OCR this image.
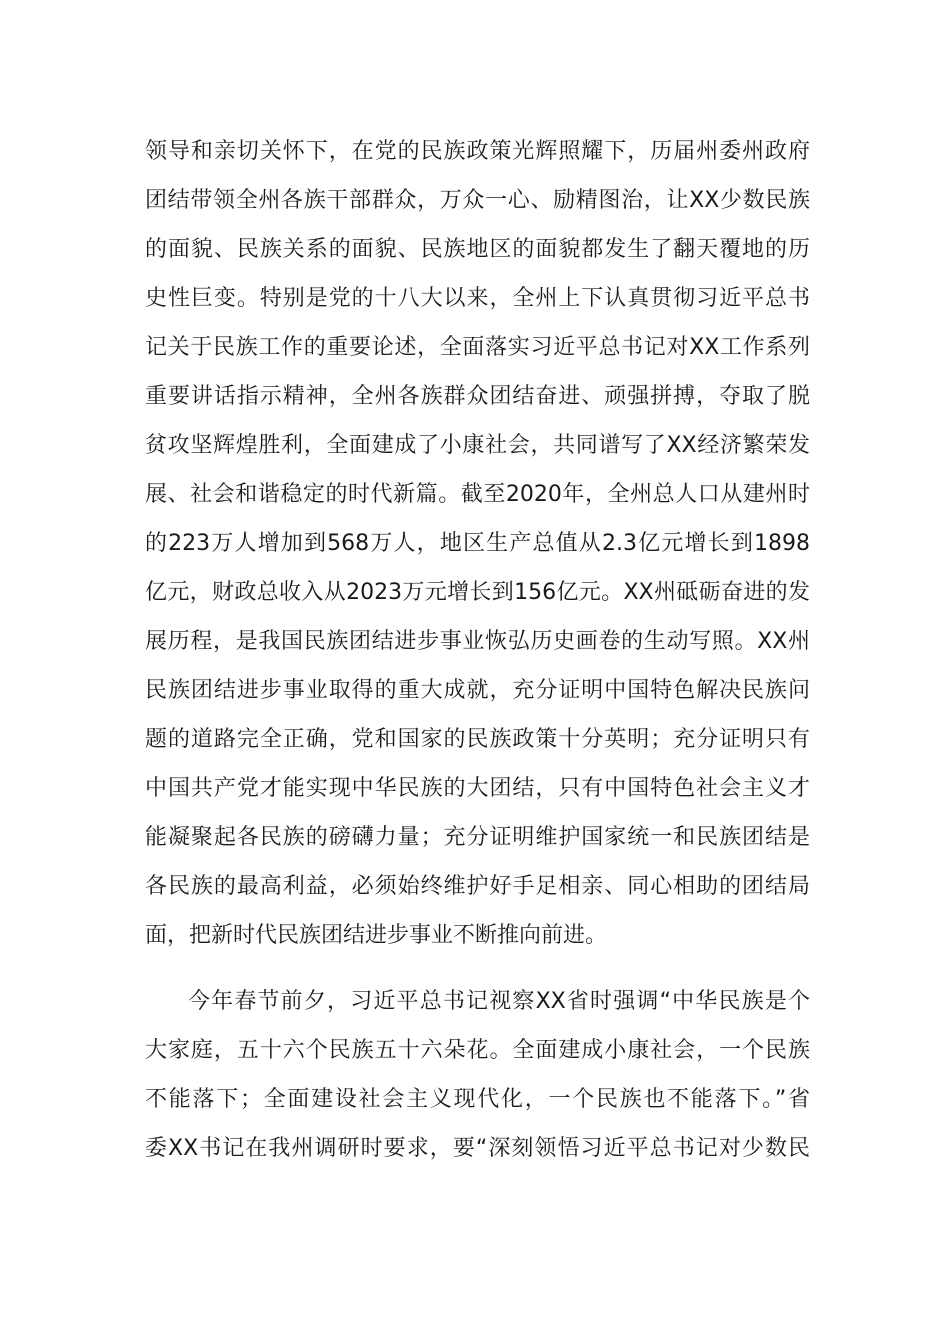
领导和亲切关怀下，在党的民族政策光辉照耀下，历届州委州政府
团结带领全州各族干部群众，万众一心、励精图治，让XX少数民族
的面貌、民族关系的面貌、民族地区的面貌都发生了翻天覆地的历
史性巨变。特别是党的十八大以来，全州上下认真贯彻习近平总书
记关于民族工作的重要论述，全面落实习近平总书记对XX工作系列
重要讲话指示精神，全州各族群众团结奋进、顽强拼搏，夺取了脱
贫攻坚辉煌胜利，全面建成了小康社会，共同谱写了XX经济繁荣发
展、社会和谐稳定的时代新篇。截至2020年，全州总人口从建州时
的223万人增加到568万人，地区生产总值从2.3亿元增长到1898
亿元，财政总收入从2023万元增长到156亿元。XX州砥砺奋进的发
展历程，是我国民族团结进步事业恢弘历史画卷的生动写照。XX州
民族团结进步事业取得的重大成就，充分证明中国特色解决民族问
题的道路完全正确，党和国家的民族政策十分英明；充分证明只有
中国共产党才能实现中华民族的大团结，只有中国特色社会主义才
能凝聚起各民族的磅礴力量；充分证明维护国家统一和民族团结是
各民族的最高利益，必须始终维护好手足相亲、同心相助的团结局
面，把新时代民族团结进步事业不断推向前进。
今年春节前夕，习近平总书记视察XX省时强调“中华民族是个
大家庭，五十六个民族五十六朵花。全面建成小康社会，一个民族
不能落下；全面建设社会主义现代化，一个民族也不能落下。”省
委XX书记在我州调研时要求，要“深刻领悟习近平总书记对少数民
